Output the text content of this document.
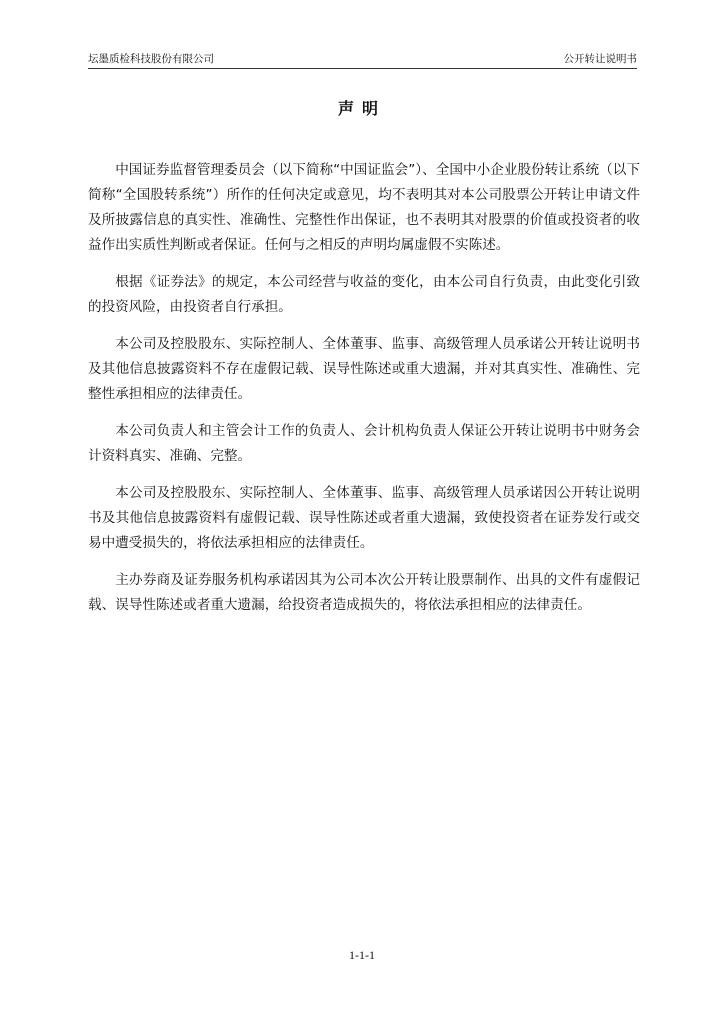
坛墨质检科技股份有限公司	公开转让说明书
声明

中国证券监督管理委员会（以下简称“中国证监会”）、全国中小企业股份转让系统（以下简称“全国股转系统”）所作的任何决定或意见，均不表明其对本公司股票公开转让申请文件及所披露信息的真实性、准确性、完整性作出保证，也不表明其对股票的价值或投资者的收益作出实质性判断或者保证。任何与之相反的声明均属虚假不实陈述。

根据《证券法》的规定，本公司经营与收益的变化，由本公司自行负责，由此变化引致的投资风险，由投资者自行承担。

本公司及控股股东、实际控制人、全体董事、监事、高级管理人员承诺公开转让说明书及其他信息披露资料不存在虚假记载、误导性陈述或重大遗漏，并对其真实性、准确性、完整性承担相应的法律责任。

本公司负责人和主管会计工作的负责人、会计机构负责人保证公开转让说明书中财务会计资料真实、准确、完整。

本公司及控股股东、实际控制人、全体董事、监事、高级管理人员承诺因公开转让说明书及其他信息披露资料有虚假记载、误导性陈述或者重大遗漏，致使投资者在证券发行或交易中遭受损失的，将依法承担相应的法律责任。

主办券商及证券服务机构承诺因其为公司本次公开转让股票制作、出具的文件有虚假记载、误导性陈述或者重大遗漏，给投资者造成损失的，将依法承担相应的法律责任。

1-1-1
